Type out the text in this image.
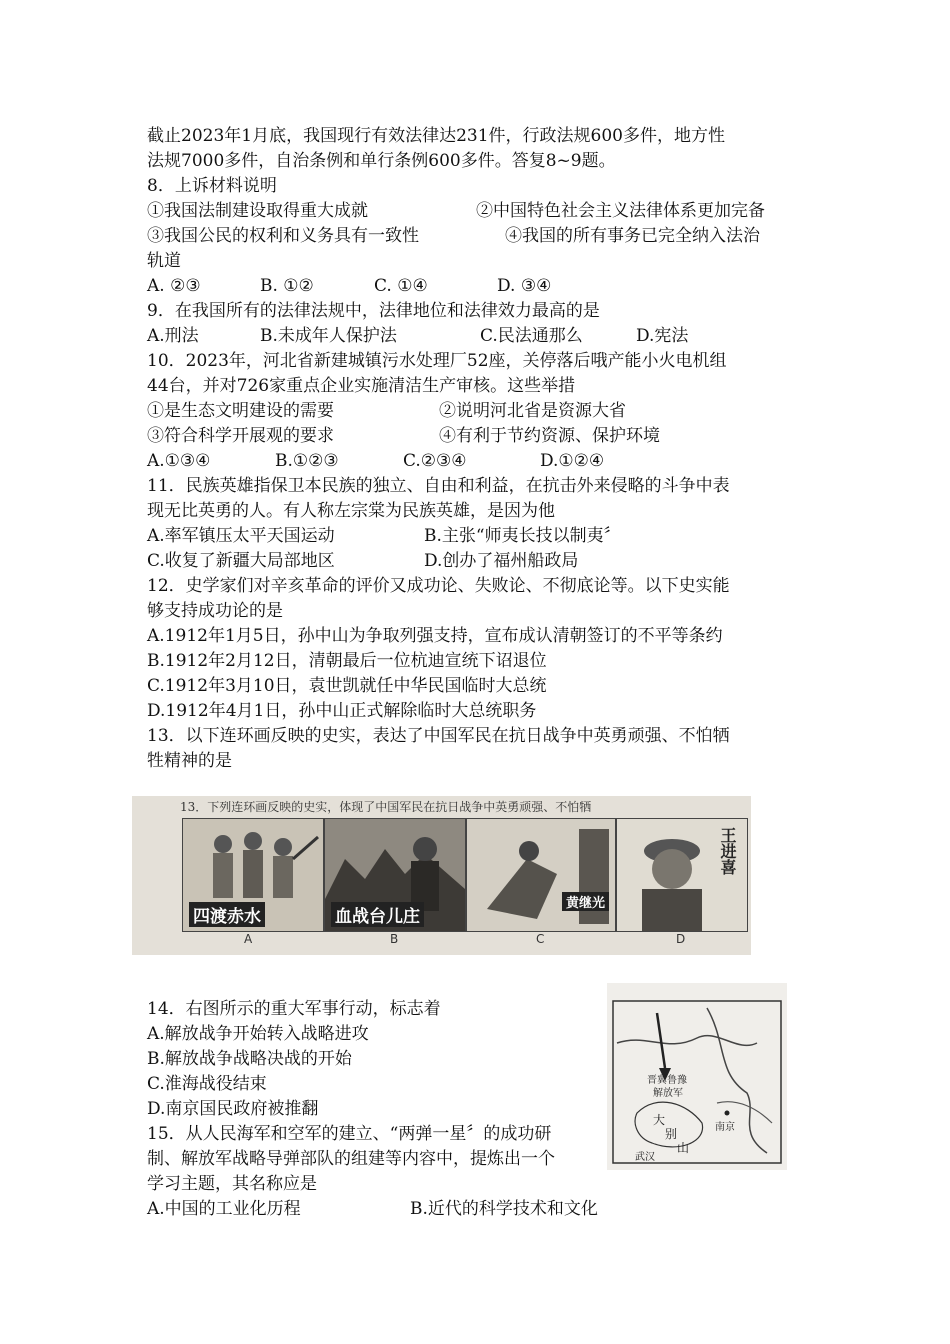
截止2023年1月底，我国现行有效法律达231件，行政法规600多件，地方性
法规7000多件，自治条例和单行条例600多件。答复8~9题。
8．上诉材料说明
①我国法制建设取得重大成就	②中国特色社会主义法律体系更加完备
③我国公民的权利和义务具有一致性	④我国的所有事务已完全纳入法治
轨道
A. ②③	B. ①②	C. ①④	D. ③④
9．在我国所有的法律法规中，法律地位和法律效力最高的是
A.刑法	B.未成年人保护法	C.民法通那么	D.宪法
10．2023年，河北省新建城镇污水处理厂52座，关停落后哦产能小火电机组
44台，并对726家重点企业实施清洁生产审核。这些举措
①是生态文明建设的需要	②说明河北省是资源大省
③符合科学开展观的要求	④有利于节约资源、保护环境
A.①③④	B.①②③	C.②③④	D.①②④
11．民族英雄指保卫本民族的独立、自由和利益，在抗击外来侵略的斗争中表
现无比英勇的人。有人称左宗棠为民族英雄，是因为他
A.率军镇压太平天国运动	B.主张“师夷长技以制夷〞
C.收复了新疆大局部地区	D.创办了福州船政局
12．史学家们对辛亥革命的评价又成功论、失败论、不彻底论等。以下史实能
够支持成功论的是
A.1912年1月5日，孙中山为争取列强支持，宣布成认清朝签订的不平等条约
B.1912年2月12日，清朝最后一位杭迪宣统下诏退位
C.1912年3月10日，袁世凯就任中华民国临时大总统
D.1912年4月1日，孙中山正式解除临时大总统职务
13．以下连环画反映的史实，表达了中国军民在抗日战争中英勇顽强、不怕牺
牲精神的是
13．下列连环画反映的史实，体现了中国军民在抗日战争中英勇顽强、不怕牺
四渡赤水	血战台儿庄
黄继光
王进喜
A	B	C	D
14．右图所示的重大军事行动，标志着
A.解放战争开始转入战略进攻
B.解放战争战略决战的开始
C.淮海战役结束
D.南京国民政府被推翻
晋冀鲁豫
解放军
大
别
山
南京
武汉
15．从人民海军和空军的建立、“两弹一星〞的成功研
制、解放军战略导弹部队的组建等内容中，提炼出一个
学习主题，其名称应是
A.中国的工业化历程	B.近代的科学技术和文化
